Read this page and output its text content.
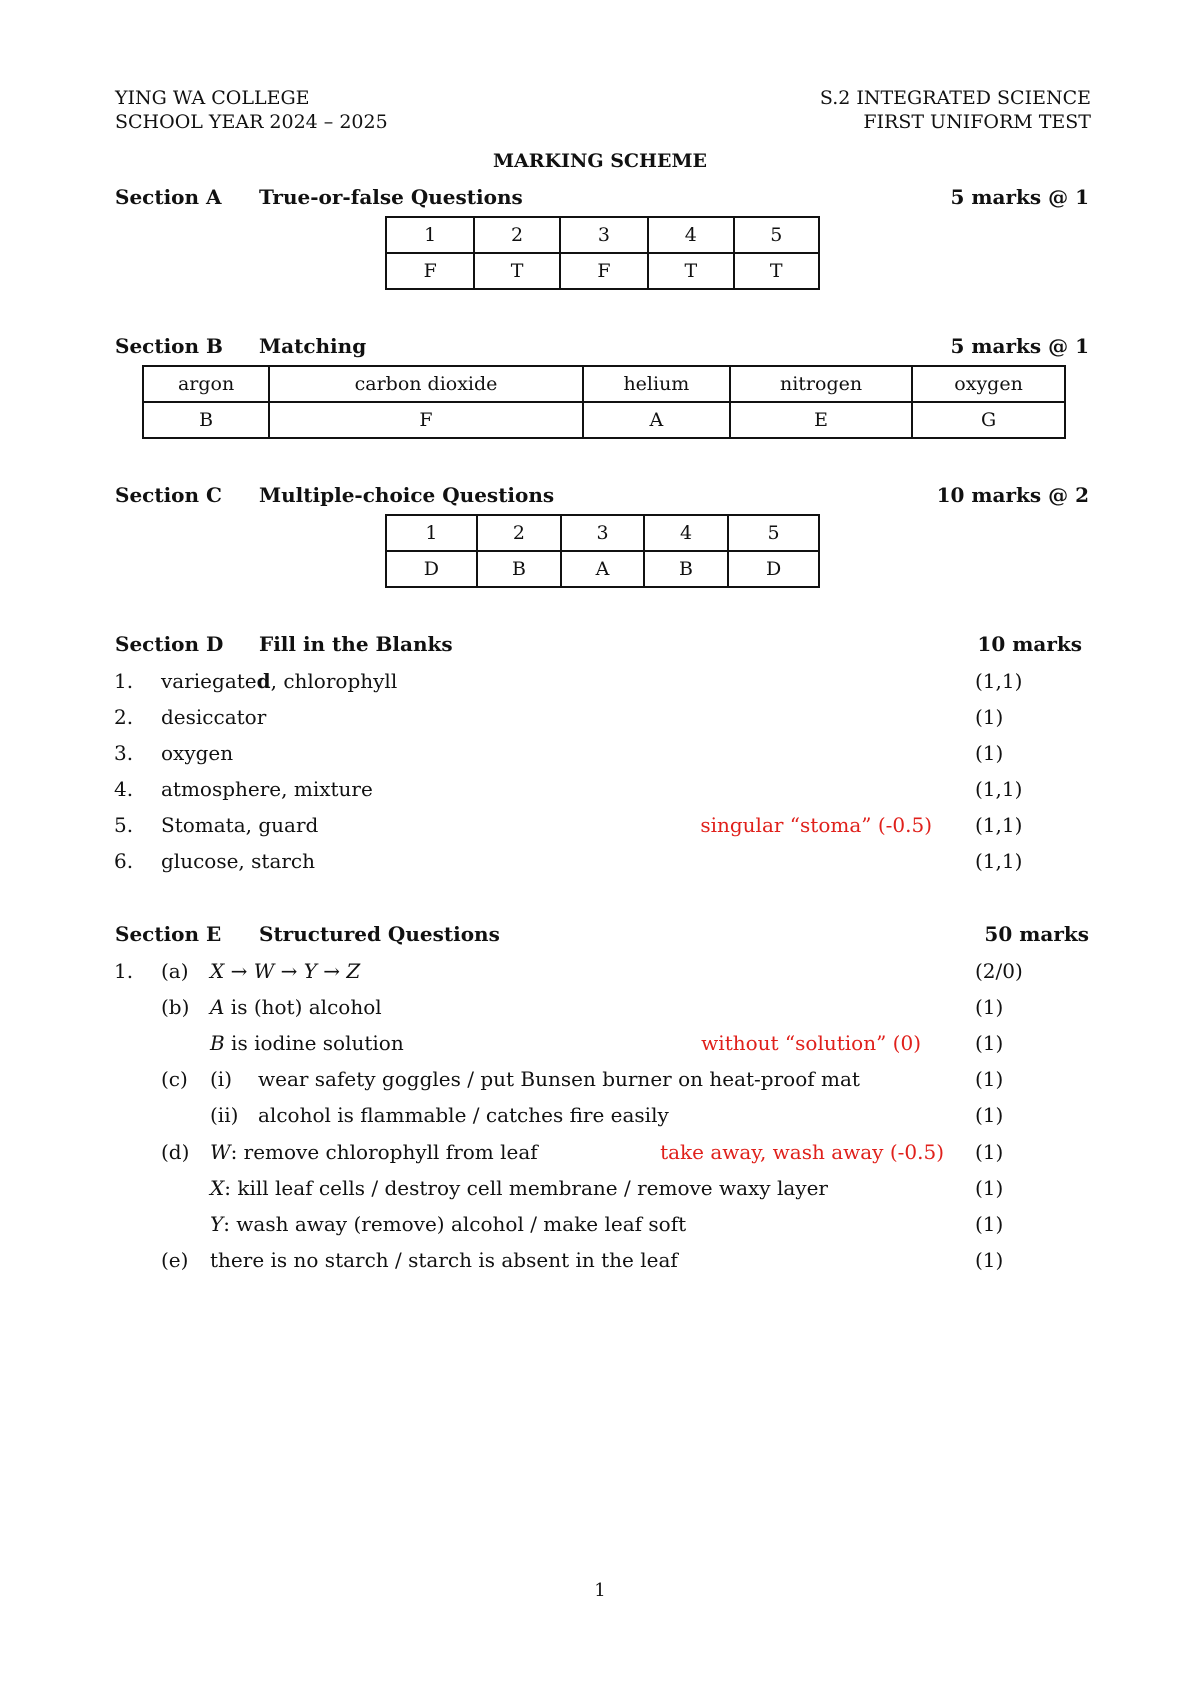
YING WA COLLEGE
SCHOOL YEAR 2024 – 2025
S.2 INTEGRATED SCIENCE
FIRST UNIFORM TEST
MARKING SCHEME
Section A True-or-false Questions	5 marks @ 1
1	2	3	4	5
F	T	F	T	T
Section B Matching	5 marks @ 1
argon	carbon dioxide	helium	nitrogen	oxygen
B	F	A	E	G
Section C Multiple-choice Questions	10 marks @ 2
1	2	3	4	5
D	B	A	B	D
Section D Fill in the Blanks	10 marks
1. variegated, chlorophyll	(1,1)
2. desiccator	(1)
3. oxygen	(1)
4. atmosphere, mixture	(1,1)
5. Stomata, guard	singular “stoma” (-0.5) (1,1)
6. glucose, starch	(1,1)
Section E Structured Questions	50 marks
1. (a) X → W → Y → Z	(2/0)
(b) A is (hot) alcohol	(1)
B is iodine solution	without “solution” (0)	(1)
(c) (i) wear safety goggles / put Bunsen burner on heat-proof mat	(1)
(ii) alcohol is flammable / catches fire easily	(1)
(d) W: remove chlorophyll from leaf	take away, wash away (-0.5) (1)
X: kill leaf cells / destroy cell membrane / remove waxy layer	(1)
Y: wash away (remove) alcohol / make leaf soft	(1)
(e) there is no starch / starch is absent in the leaf	(1)
1
